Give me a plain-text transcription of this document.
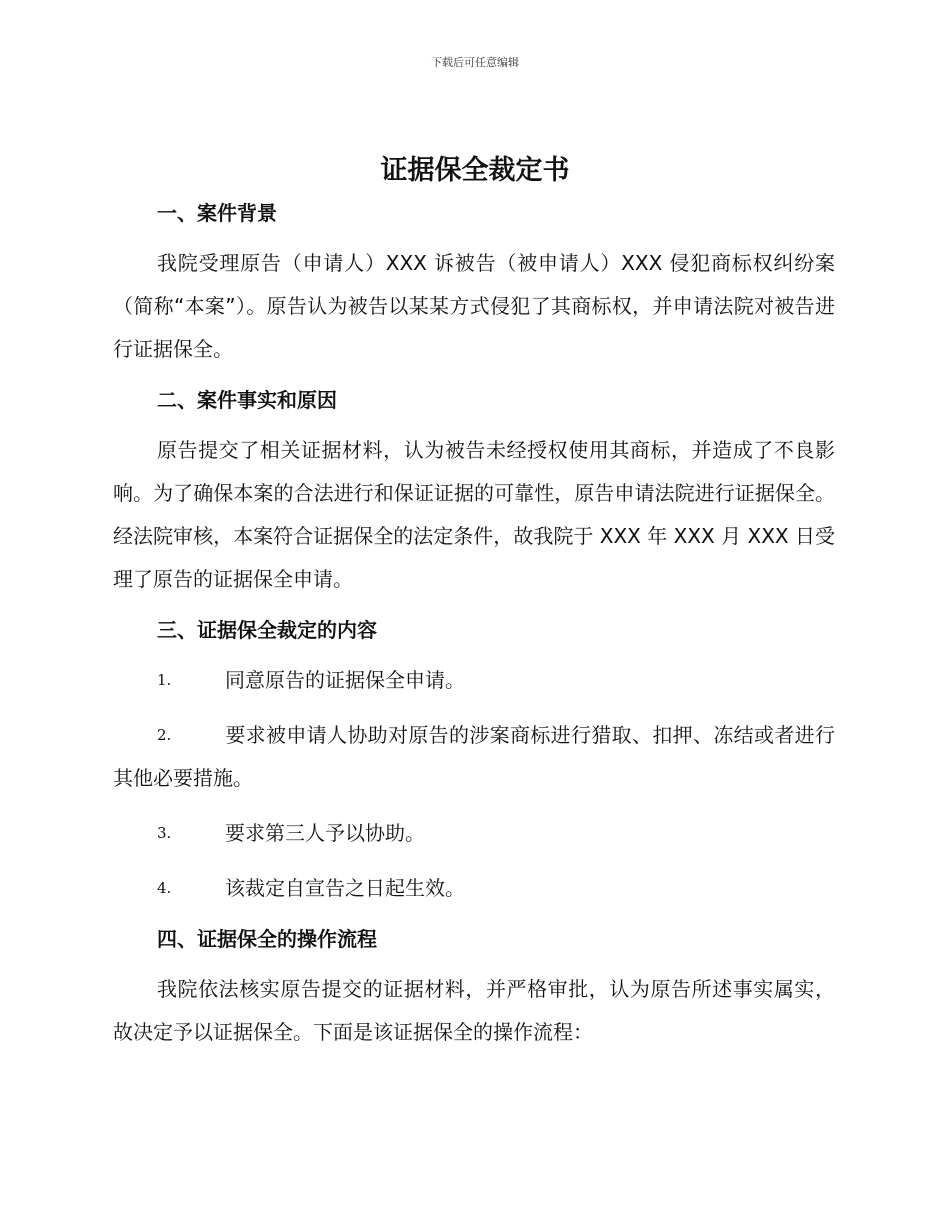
下载后可任意编辑
证据保全裁定书
一、案件背景

我院受理原告（申请人）XXX 诉被告（被申请人）XXX 侵犯商标权纠纷案（简称“本案”）。原告认为被告以某某方式侵犯了其商标权，并申请法院对被告进行证据保全。

二、案件事实和原因

原告提交了相关证据材料，认为被告未经授权使用其商标，并造成了不良影响。为了确保本案的合法进行和保证证据的可靠性，原告申请法院进行证据保全。经法院审核，本案符合证据保全的法定条件，故我院于 XXX 年 XXX 月 XXX 日受理了原告的证据保全申请。

三、证据保全裁定的内容

1.	同意原告的证据保全申请。

2.	要求被申请人协助对原告的涉案商标进行猎取、扣押、冻结或者进行其他必要措施。

3.	要求第三人予以协助。

4.	该裁定自宣告之日起生效。

四、证据保全的操作流程

我院依法核实原告提交的证据材料，并严格审批，认为原告所述事实属实，故决定予以证据保全。下面是该证据保全的操作流程：
